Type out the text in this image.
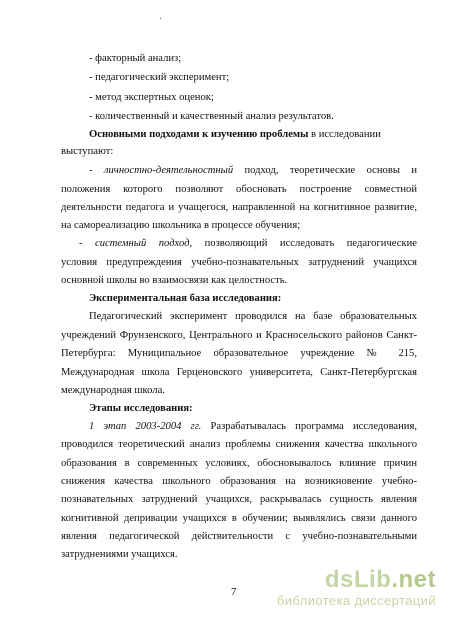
- факторный анализ;
- педагогический эксперимент;
- метод экспертных оценок;
- количественный и качественный анализ результатов.
Основными подходами к изучению проблемы в исследовании
выступают:
- личностно-деятельностный подход, теоретические основы и
положения которого позволяют обосновать построение совместной
деятельности педагога и учащегося, направленной на когнитивное развитие,
на самореализацию школьника в процессе обучения;
- системный подход, позволяющий исследовать педагогические
условия предупреждения учебно-познавательных затруднений учащихся
основной школы во взаимосвязи как целостность.
Экспериментальная база исследования:
Педагогический эксперимент проводился на базе образовательных
учреждений Фрунзенского, Центрального и Красносельского районов Санкт-
Петербурга: Муниципальное образовательное учреждение № 215,
Международная школа Герценовского университета, Санкт-Петербургская
международная школа.
Этапы исследования:
1 этап 2003-2004 гг. Разрабатывалась программа исследования,
проводился теоретический анализ проблемы снижения качества школьного
образования в современных условиях, обосновывалось влияние причин
снижения качества школьного образования на возникновение учебно-
познавательных затруднений учащихся, раскрывалась сущность явления
когнитивной депривации учащихся в обучении; выявлялись связи данного
явления педагогической действительности с учебно-познавательными
затруднениями учащихся.
7	dsLib.net
библиотека диссертаций
